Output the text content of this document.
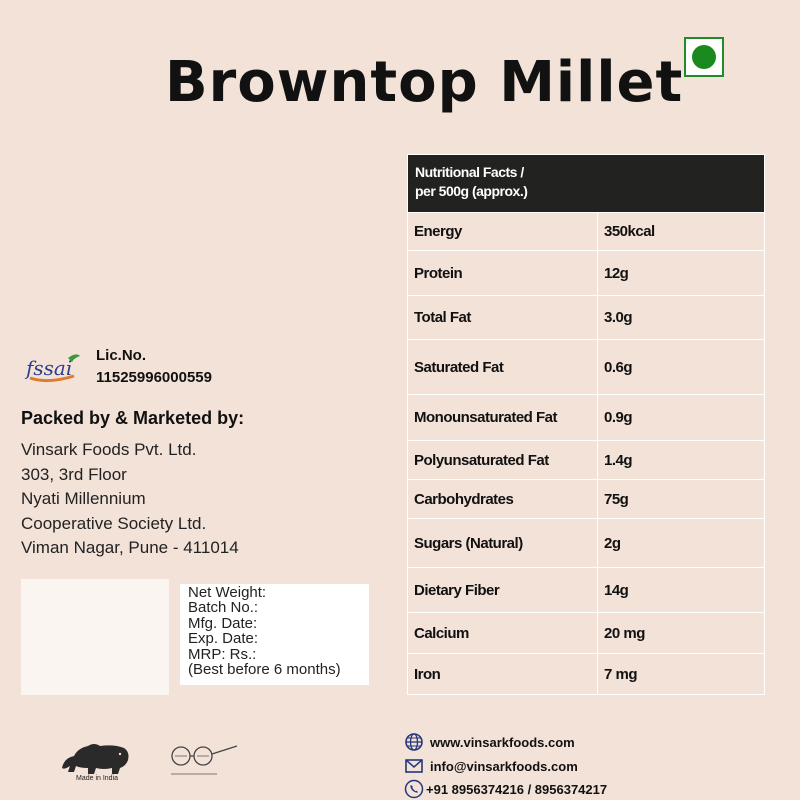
Browntop Millet
Nutritional Facts /
per 500g (approx.)
Energy	350kcal
Protein	12g
Total Fat	3.0g
Saturated Fat	0.6g
Monounsaturated Fat	0.9g
Polyunsaturated Fat	1.4g
Carbohydrates	75g
Sugars (Natural)	2g
Dietary Fiber	14g
Calcium	20 mg
Iron	7 mg
fssai
Lic.No.
11525996000559
Packed by & Marketed by:
Vinsark Foods Pvt. Ltd.
303, 3rd Floor
Nyati Millennium
Cooperative Society Ltd.
Viman Nagar, Pune - 411014
Net Weight:
Batch No.:
Mfg. Date:
Exp. Date:
MRP: Rs.:
(Best before 6 months)
Made in India
www.vinsarkfoods.com
info@vinsarkfoods.com
+91 8956374216 / 8956374217
